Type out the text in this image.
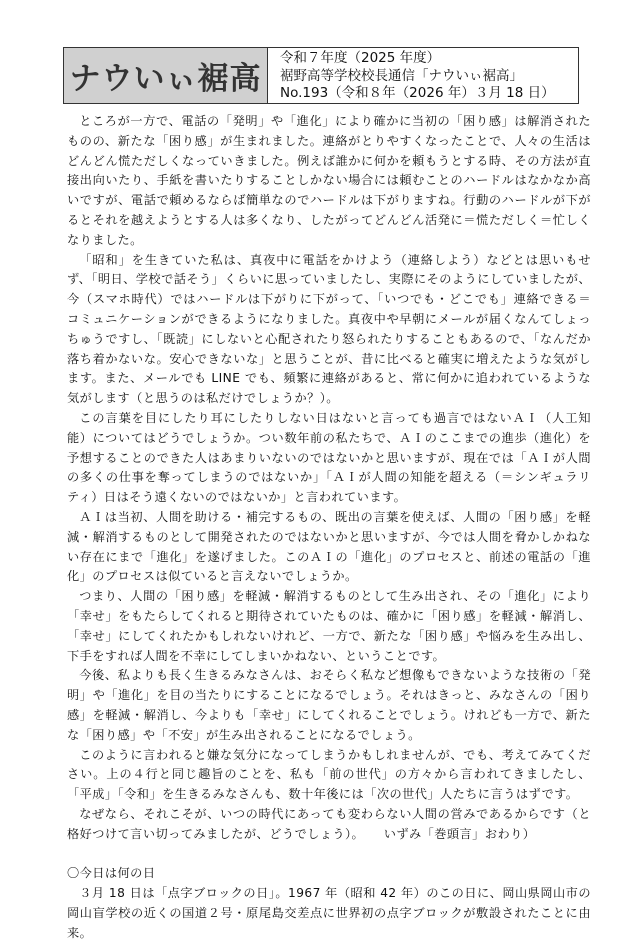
ナウいぃ裾高
令和７年度（2025 年度）
裾野高等学校校長通信「ナウいぃ裾高」
No.193（令和８年（2026 年）３月 18 日）

ところが一方で、電話の「発明」や「進化」により確かに当初の「困り感」は解消されたものの、新たな「困り感」が生まれました。連絡がとりやすくなったことで、人々の生活はどんどん慌ただしくなっていきました。例えば誰かに何かを頼もうとする時、その方法が直接出向いたり、手紙を書いたりすることしかない場合には頼むことのハードルはなかなか高いですが、電話で頼めるならば簡単なのでハードルは下がりますね。行動のハードルが下がるとそれを越えようとする人は多くなり、したがってどんどん活発に＝慌ただしく＝忙しくなりました。

「昭和」を生きていた私は、真夜中に電話をかけよう（連絡しよう）などとは思いもせず、「明日、学校で話そう」くらいに思っていましたし、実際にそのようにしていましたが、今（スマホ時代）ではハードルは下がりに下がって、「いつでも・どこでも」連絡できる＝コミュニケーションができるようになりました。真夜中や早朝にメールが届くなんてしょっちゅうですし、「既読」にしないと心配されたり怒られたりすることもあるので、「なんだか落ち着かないな。安心できないな」と思うことが、昔に比べると確実に増えたような気がします。また、メールでも LINE でも、頻繁に連絡があると、常に何かに追われているような気がします（と思うのは私だけでしょうか？）。

この言葉を目にしたり耳にしたりしない日はないと言っても過言ではないＡＩ（人工知能）についてはどうでしょうか。つい数年前の私たちで、ＡＩのここまでの進歩（進化）を予想することのできた人はあまりいないのではないかと思いますが、現在では「ＡＩが人間の多くの仕事を奪ってしまうのではないか」「ＡＩが人間の知能を超える（＝シンギュラリティ）日はそう遠くないのではないか」と言われています。

ＡＩは当初、人間を助ける・補完するもの、既出の言葉を使えば、人間の「困り感」を軽減・解消するものとして開発されたのではないかと思いますが、今では人間を脅かしかねない存在にまで「進化」を遂げました。このＡＩの「進化」のプロセスと、前述の電話の「進化」のプロセスは似ていると言えないでしょうか。

つまり、人間の「困り感」を軽減・解消するものとして生み出され、その「進化」により「幸せ」をもたらしてくれると期待されていたものは、確かに「困り感」を軽減・解消し、「幸せ」にしてくれたかもしれないけれど、一方で、新たな「困り感」や悩みを生み出し、下手をすれば人間を不幸にしてしまいかねない、ということです。

今後、私よりも長く生きるみなさんは、おそらく私など想像もできないような技術の「発明」や「進化」を目の当たりにすることになるでしょう。それはきっと、みなさんの「困り感」を軽減・解消し、今よりも「幸せ」にしてくれることでしょう。けれども一方で、新たな「困り感」や「不安」が生み出されることになるでしょう。

このように言われると嫌な気分になってしまうかもしれませんが、でも、考えてみてください。上の４行と同じ趣旨のことを、私も「前の世代」の方々から言われてきましたし、「平成」「令和」を生きるみなさんも、数十年後には「次の世代」人たちに言うはずです。

なぜなら、それこそが、いつの時代にあっても変わらない人間の営みであるからです（と格好つけて言い切ってみましたが、どうでしょう）。 いずみ「巻頭言」おわり）

〇今日は何の日

３月 18 日は「点字ブロックの日」。1967 年（昭和 42 年）のこの日に、岡山県岡山市の岡山盲学校の近くの国道２号・原尾島交差点に世界初の点字ブロックが敷設されたことに由来。
